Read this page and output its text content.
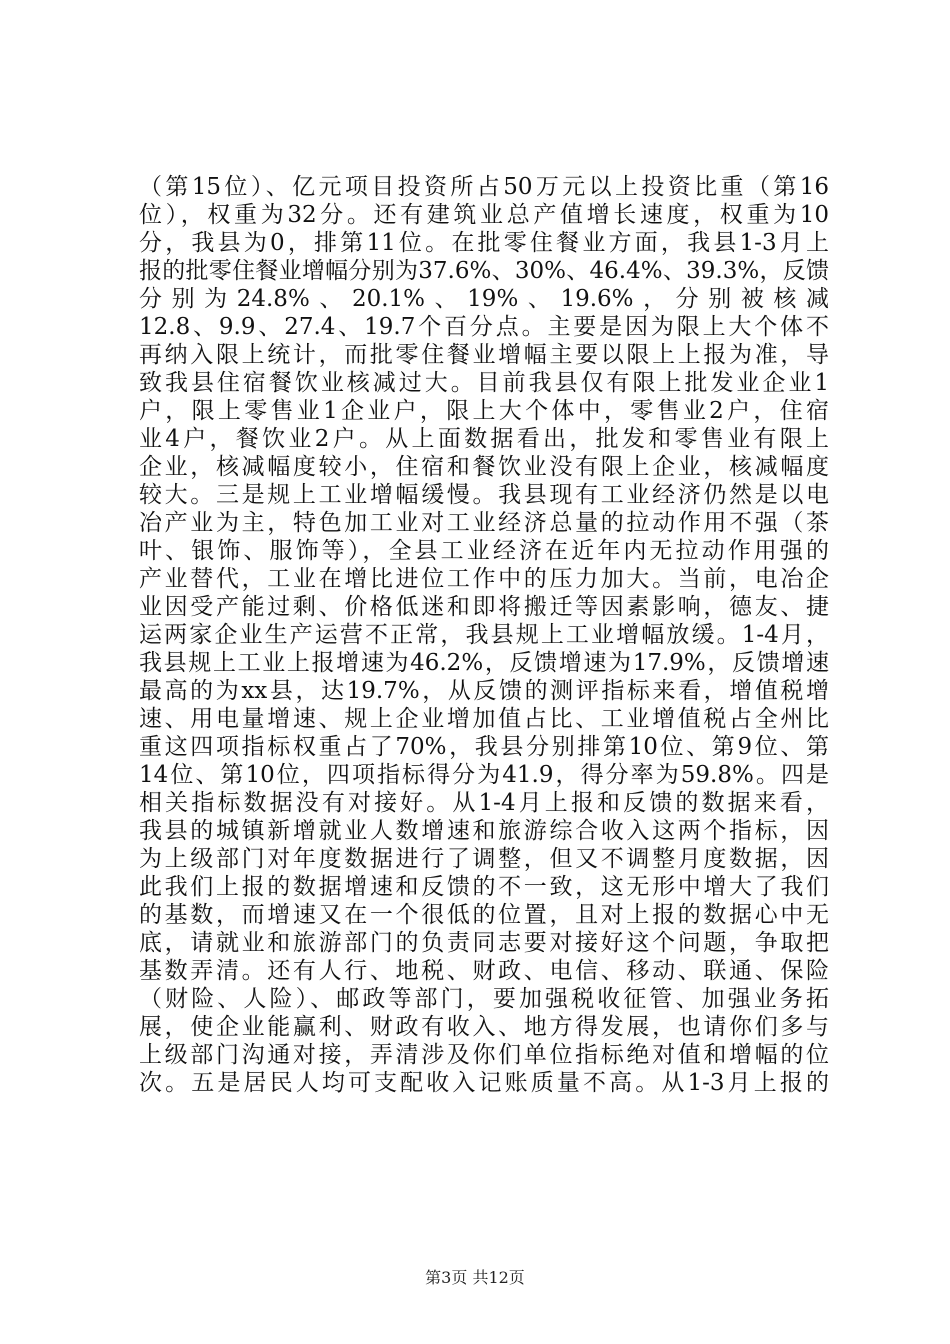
（第15位）、亿元项目投资所占50万元以上投资比重（第16
位），权重为32分。还有建筑业总产值增长速度，权重为10
分，我县为0，排第11位。在批零住餐业方面，我县1-3月上
报的批零住餐业增幅分别为37.6%、30%、46.4%、39.3%，反馈
分别为24.8%、20.1%、19%、19.6%，分别被核减
12.8、9.9、27.4、19.7个百分点。主要是因为限上大个体不
再纳入限上统计，而批零住餐业增幅主要以限上上报为准，导
致我县住宿餐饮业核减过大。目前我县仅有限上批发业企业1
户，限上零售业1企业户，限上大个体中，零售业2户，住宿
业4户，餐饮业2户。从上面数据看出，批发和零售业有限上
企业，核减幅度较小，住宿和餐饮业没有限上企业，核减幅度
较大。三是规上工业增幅缓慢。我县现有工业经济仍然是以电
冶产业为主，特色加工业对工业经济总量的拉动作用不强（茶
叶、银饰、服饰等），全县工业经济在近年内无拉动作用强的
产业替代，工业在增比进位工作中的压力加大。当前，电冶企
业因受产能过剩、价格低迷和即将搬迁等因素影响，德友、捷
运两家企业生产运营不正常，我县规上工业增幅放缓。1-4月，
我县规上工业上报增速为46.2%，反馈增速为17.9%，反馈增速
最高的为xx县，达19.7%，从反馈的测评指标来看，增值税增
速、用电量增速、规上企业增加值占比、工业增值税占全州比
重这四项指标权重占了70%，我县分别排第10位、第9位、第
14位、第10位，四项指标得分为41.9，得分率为59.8%。四是
相关指标数据没有对接好。从1-4月上报和反馈的数据来看，
我县的城镇新增就业人数增速和旅游综合收入这两个指标，因
为上级部门对年度数据进行了调整，但又不调整月度数据，因
此我们上报的数据增速和反馈的不一致，这无形中增大了我们
的基数，而增速又在一个很低的位置，且对上报的数据心中无
底，请就业和旅游部门的负责同志要对接好这个问题，争取把
基数弄清。还有人行、地税、财政、电信、移动、联通、保险
（财险、人险）、邮政等部门，要加强税收征管、加强业务拓
展，使企业能赢利、财政有收入、地方得发展，也请你们多与
上级部门沟通对接，弄清涉及你们单位指标绝对值和增幅的位
次。五是居民人均可支配收入记账质量不高。从1-3月上报的
第3页 共12页
